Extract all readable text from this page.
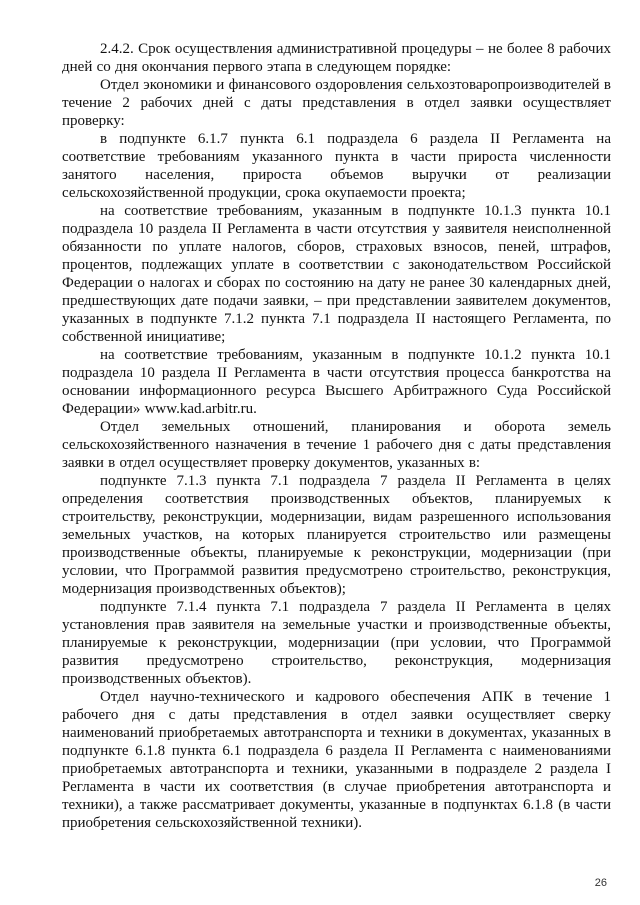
2.4.2. Срок осуществления административной процедуры – не более 8 рабочих дней со дня окончания первого этапа в следующем порядке:

Отдел экономики и финансового оздоровления сельхозтоваропроизводителей в течение 2 рабочих дней с даты представления в отдел заявки осуществляет проверку:

в подпункте 6.1.7 пункта 6.1 подраздела 6 раздела II Регламента на соответствие требованиям указанного пункта в части прироста численности занятого населения, прироста объемов выручки от реализации сельскохозяйственной продукции, срока окупаемости проекта;

на соответствие требованиям, указанным в подпункте 10.1.3 пункта 10.1 подраздела 10 раздела II Регламента в части отсутствия у заявителя неисполненной обязанности по уплате налогов, сборов, страховых взносов, пеней, штрафов, процентов, подлежащих уплате в соответствии с законодательством Российской Федерации о налогах и сборах по состоянию на дату не ранее 30 календарных дней, предшествующих дате подачи заявки, – при представлении заявителем документов, указанных в подпункте 7.1.2 пункта 7.1 подраздела II настоящего Регламента, по собственной инициативе;

на соответствие требованиям, указанным в подпункте 10.1.2 пункта 10.1 подраздела 10 раздела II Регламента в части отсутствия процесса банкротства на основании информационного ресурса Высшего Арбитражного Суда Российской Федерации» www.kad.arbitr.ru.

Отдел земельных отношений, планирования и оборота земель сельскохозяйственного назначения в течение 1 рабочего дня с даты представления заявки в отдел осуществляет проверку документов, указанных в:

подпункте 7.1.3 пункта 7.1 подраздела 7 раздела II Регламента в целях определения соответствия производственных объектов, планируемых к строительству, реконструкции, модернизации, видам разрешенного использования земельных участков, на которых планируется строительство или размещены производственные объекты, планируемые к реконструкции, модернизации (при условии, что Программой развития предусмотрено строительство, реконструкция, модернизация производственных объектов);

подпункте 7.1.4 пункта 7.1 подраздела 7 раздела II Регламента в целях установления прав заявителя на земельные участки и производственные объекты, планируемые к реконструкции, модернизации (при условии, что Программой развития предусмотрено строительство, реконструкция, модернизация производственных объектов).

Отдел научно-технического и кадрового обеспечения АПК в течение 1 рабочего дня с даты представления в отдел заявки осуществляет сверку наименований приобретаемых автотранспорта и техники в документах, указанных в подпункте 6.1.8 пункта 6.1 подраздела 6 раздела II Регламента с наименованиями приобретаемых автотранспорта и техники, указанными в подразделе 2 раздела I Регламента в части их соответствия (в случае приобретения автотранспорта и техники), а также рассматривает документы, указанные в подпунктах 6.1.8 (в части приобретения сельскохозяйственной техники).

26
